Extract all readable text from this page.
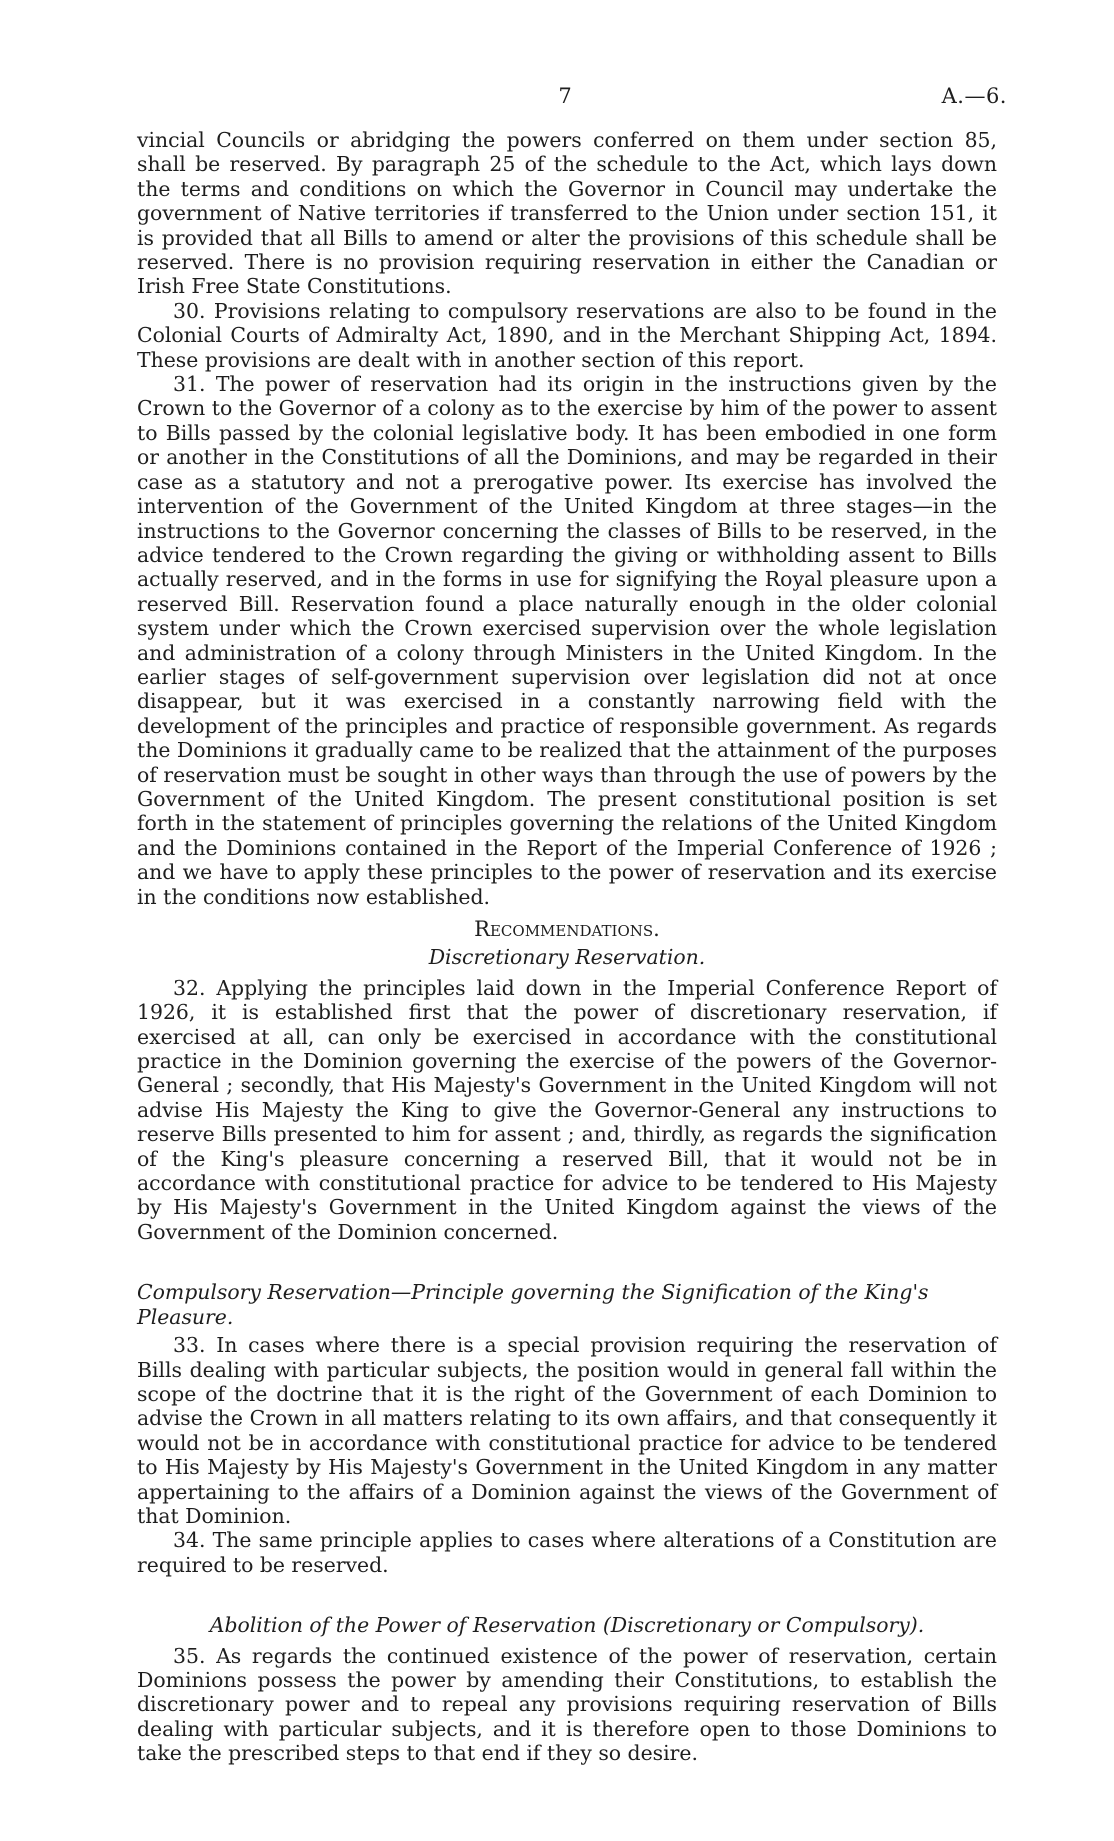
7	A.—6.

vincial Councils or abridging the powers conferred on them under section 85, shall be reserved. By paragraph 25 of the schedule to the Act, which lays down the terms and conditions on which the Governor in Council may undertake the government of Native territories if transferred to the Union under section 151, it is provided that all Bills to amend or alter the provisions of this schedule shall be reserved. There is no provision requiring reservation in either the Canadian or Irish Free State Constitutions.

30. Provisions relating to compulsory reservations are also to be found in the Colonial Courts of Admiralty Act, 1890, and in the Merchant Shipping Act, 1894. These provisions are dealt with in another section of this report.

31. The power of reservation had its origin in the instructions given by the Crown to the Governor of a colony as to the exercise by him of the power to assent to Bills passed by the colonial legislative body. It has been embodied in one form or another in the Constitutions of all the Dominions, and may be regarded in their case as a statutory and not a prerogative power. Its exercise has involved the intervention of the Government of the United Kingdom at three stages—in the instructions to the Governor concerning the classes of Bills to be reserved, in the advice tendered to the Crown regarding the giving or withholding assent to Bills actually reserved, and in the forms in use for signifying the Royal pleasure upon a reserved Bill. Reservation found a place naturally enough in the older colonial system under which the Crown exercised supervision over the whole legislation and administration of a colony through Ministers in the United Kingdom. In the earlier stages of self-government supervision over legislation did not at once disappear, but it was exercised in a constantly narrowing field with the development of the principles and practice of responsible government. As regards the Dominions it gradually came to be realized that the attainment of the purposes of reservation must be sought in other ways than through the use of powers by the Government of the United Kingdom. The present constitutional position is set forth in the statement of principles governing the relations of the United Kingdom and the Dominions contained in the Report of the Imperial Conference of 1926 ; and we have to apply these principles to the power of reservation and its exercise in the conditions now established.

Recommendations.

Discretionary Reservation.

32. Applying the principles laid down in the Imperial Conference Report of 1926, it is established first that the power of discretionary reservation, if exercised at all, can only be exercised in accordance with the constitutional practice in the Dominion governing the exercise of the powers of the Governor-General ; secondly, that His Majesty's Government in the United Kingdom will not advise His Majesty the King to give the Governor-General any instructions to reserve Bills presented to him for assent ; and, thirdly, as regards the signification of the King's pleasure concerning a reserved Bill, that it would not be in accordance with constitutional practice for advice to be tendered to His Majesty by His Majesty's Government in the United Kingdom against the views of the Government of the Dominion concerned.

Compulsory Reservation—Principle governing the Signification of the King's Pleasure.

33. In cases where there is a special provision requiring the reservation of Bills dealing with particular subjects, the position would in general fall within the scope of the doctrine that it is the right of the Government of each Dominion to advise the Crown in all matters relating to its own affairs, and that consequently it would not be in accordance with constitutional practice for advice to be tendered to His Majesty by His Majesty's Government in the United Kingdom in any matter appertaining to the affairs of a Dominion against the views of the Government of that Dominion.

34. The same principle applies to cases where alterations of a Constitution are required to be reserved.

Abolition of the Power of Reservation (Discretionary or Compulsory).

35. As regards the continued existence of the power of reservation, certain Dominions possess the power by amending their Constitutions, to establish the discretionary power and to repeal any provisions requiring reservation of Bills dealing with particular subjects, and it is therefore open to those Dominions to take the prescribed steps to that end if they so desire.
